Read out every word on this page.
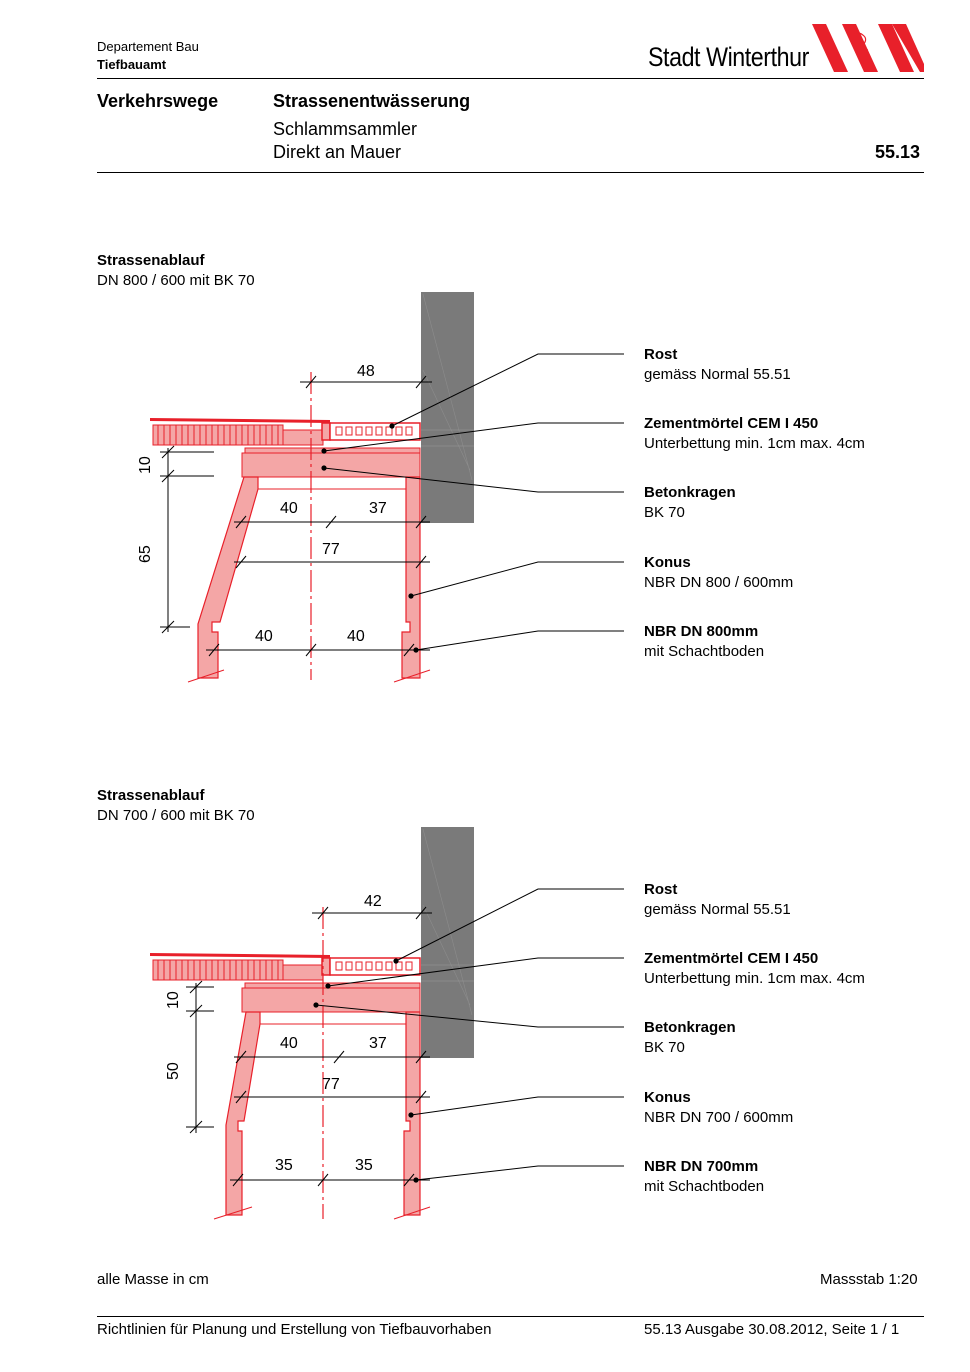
Departement Bau
Tiefbauamt	Stadt Winterthur
Verkehrswege	Strassenentwässerung
Schlammsammler
Direkt an Mauer	55.13
Strassenablauf
DN 800 / 600 mit BK 70
48
40	37
77
40	40
10
65
Rost
gemäss Normal 55.51
Zementmörtel CEM I 450
Unterbettung min. 1cm max. 4cm
Betonkragen
BK 70
Konus
NBR DN 800 / 600mm
NBR DN 800mm
mit Schachtboden
Strassenablauf
DN 700 / 600 mit BK 70
42
40	37
77
35	35
10
50
Rost
gemäss Normal 55.51
Zementmörtel CEM I 450
Unterbettung min. 1cm max. 4cm
Betonkragen
BK 70
Konus
NBR DN 700 / 600mm
NBR DN 700mm
mit Schachtboden
alle Masse in cm	Massstab 1:20
Richtlinien für Planung und Erstellung von Tiefbauvorhaben	55.13 Ausgabe 30.08.2012, Seite 1 / 1
